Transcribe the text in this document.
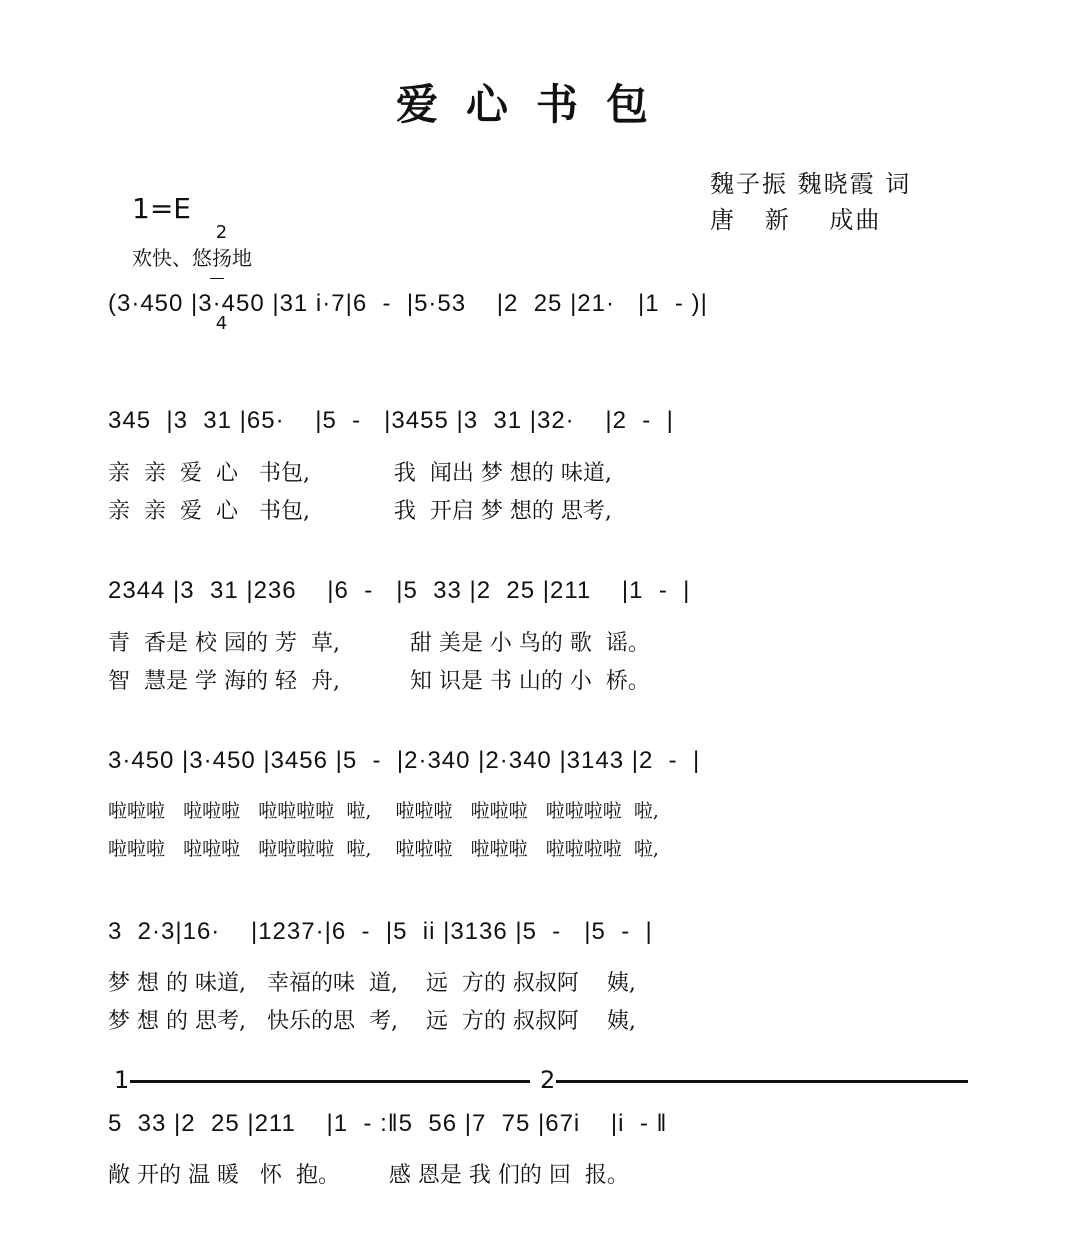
爱心书包
魏子振 魏晓霞 词
唐   新    成曲
1=E

2

4

欢快、悠扬地
(3·450 |3·450 |31 i·7|6  -  |5·53    |2  25 |21·   |1  - )|
345  |3  31 |65·    |5  -   |3455 |3  31 |32·    |2  -  |
亲  亲  爱  心   书包,            我  闻出 梦 想的 味道,
亲  亲  爱  心   书包,            我  开启 梦 想的 思考,
2344 |3  31 |236    |6  -   |5  33 |2  25 |211    |1  -  |
青  香是 校 园的 芳  草,          甜 美是 小 鸟的 歌  谣。
智  慧是 学 海的 轻  舟,          知 识是 书 山的 小  桥。
3·450 |3·450 |3456 |5  -  |2·340 |2·340 |3143 |2  -  |
啦啦啦   啦啦啦   啦啦啦啦  啦,    啦啦啦   啦啦啦   啦啦啦啦  啦,
啦啦啦   啦啦啦   啦啦啦啦  啦,    啦啦啦   啦啦啦   啦啦啦啦  啦,
3  2·3|16·    |1237·|6  -  |5  ii |3136 |5  -   |5  -  |
梦 想 的 味道,   幸福的味  道,    远  方的 叔叔阿    姨,
梦 想 的 思考,   快乐的思  考,    远  方的 叔叔阿    姨,
1	2
5  33 |2  25 |211    |1  - :‖5  56 |7  75 |67i    |i  - ‖
敞 开的 温 暖   怀  抱。       感 恩是 我 们的 回  报。
